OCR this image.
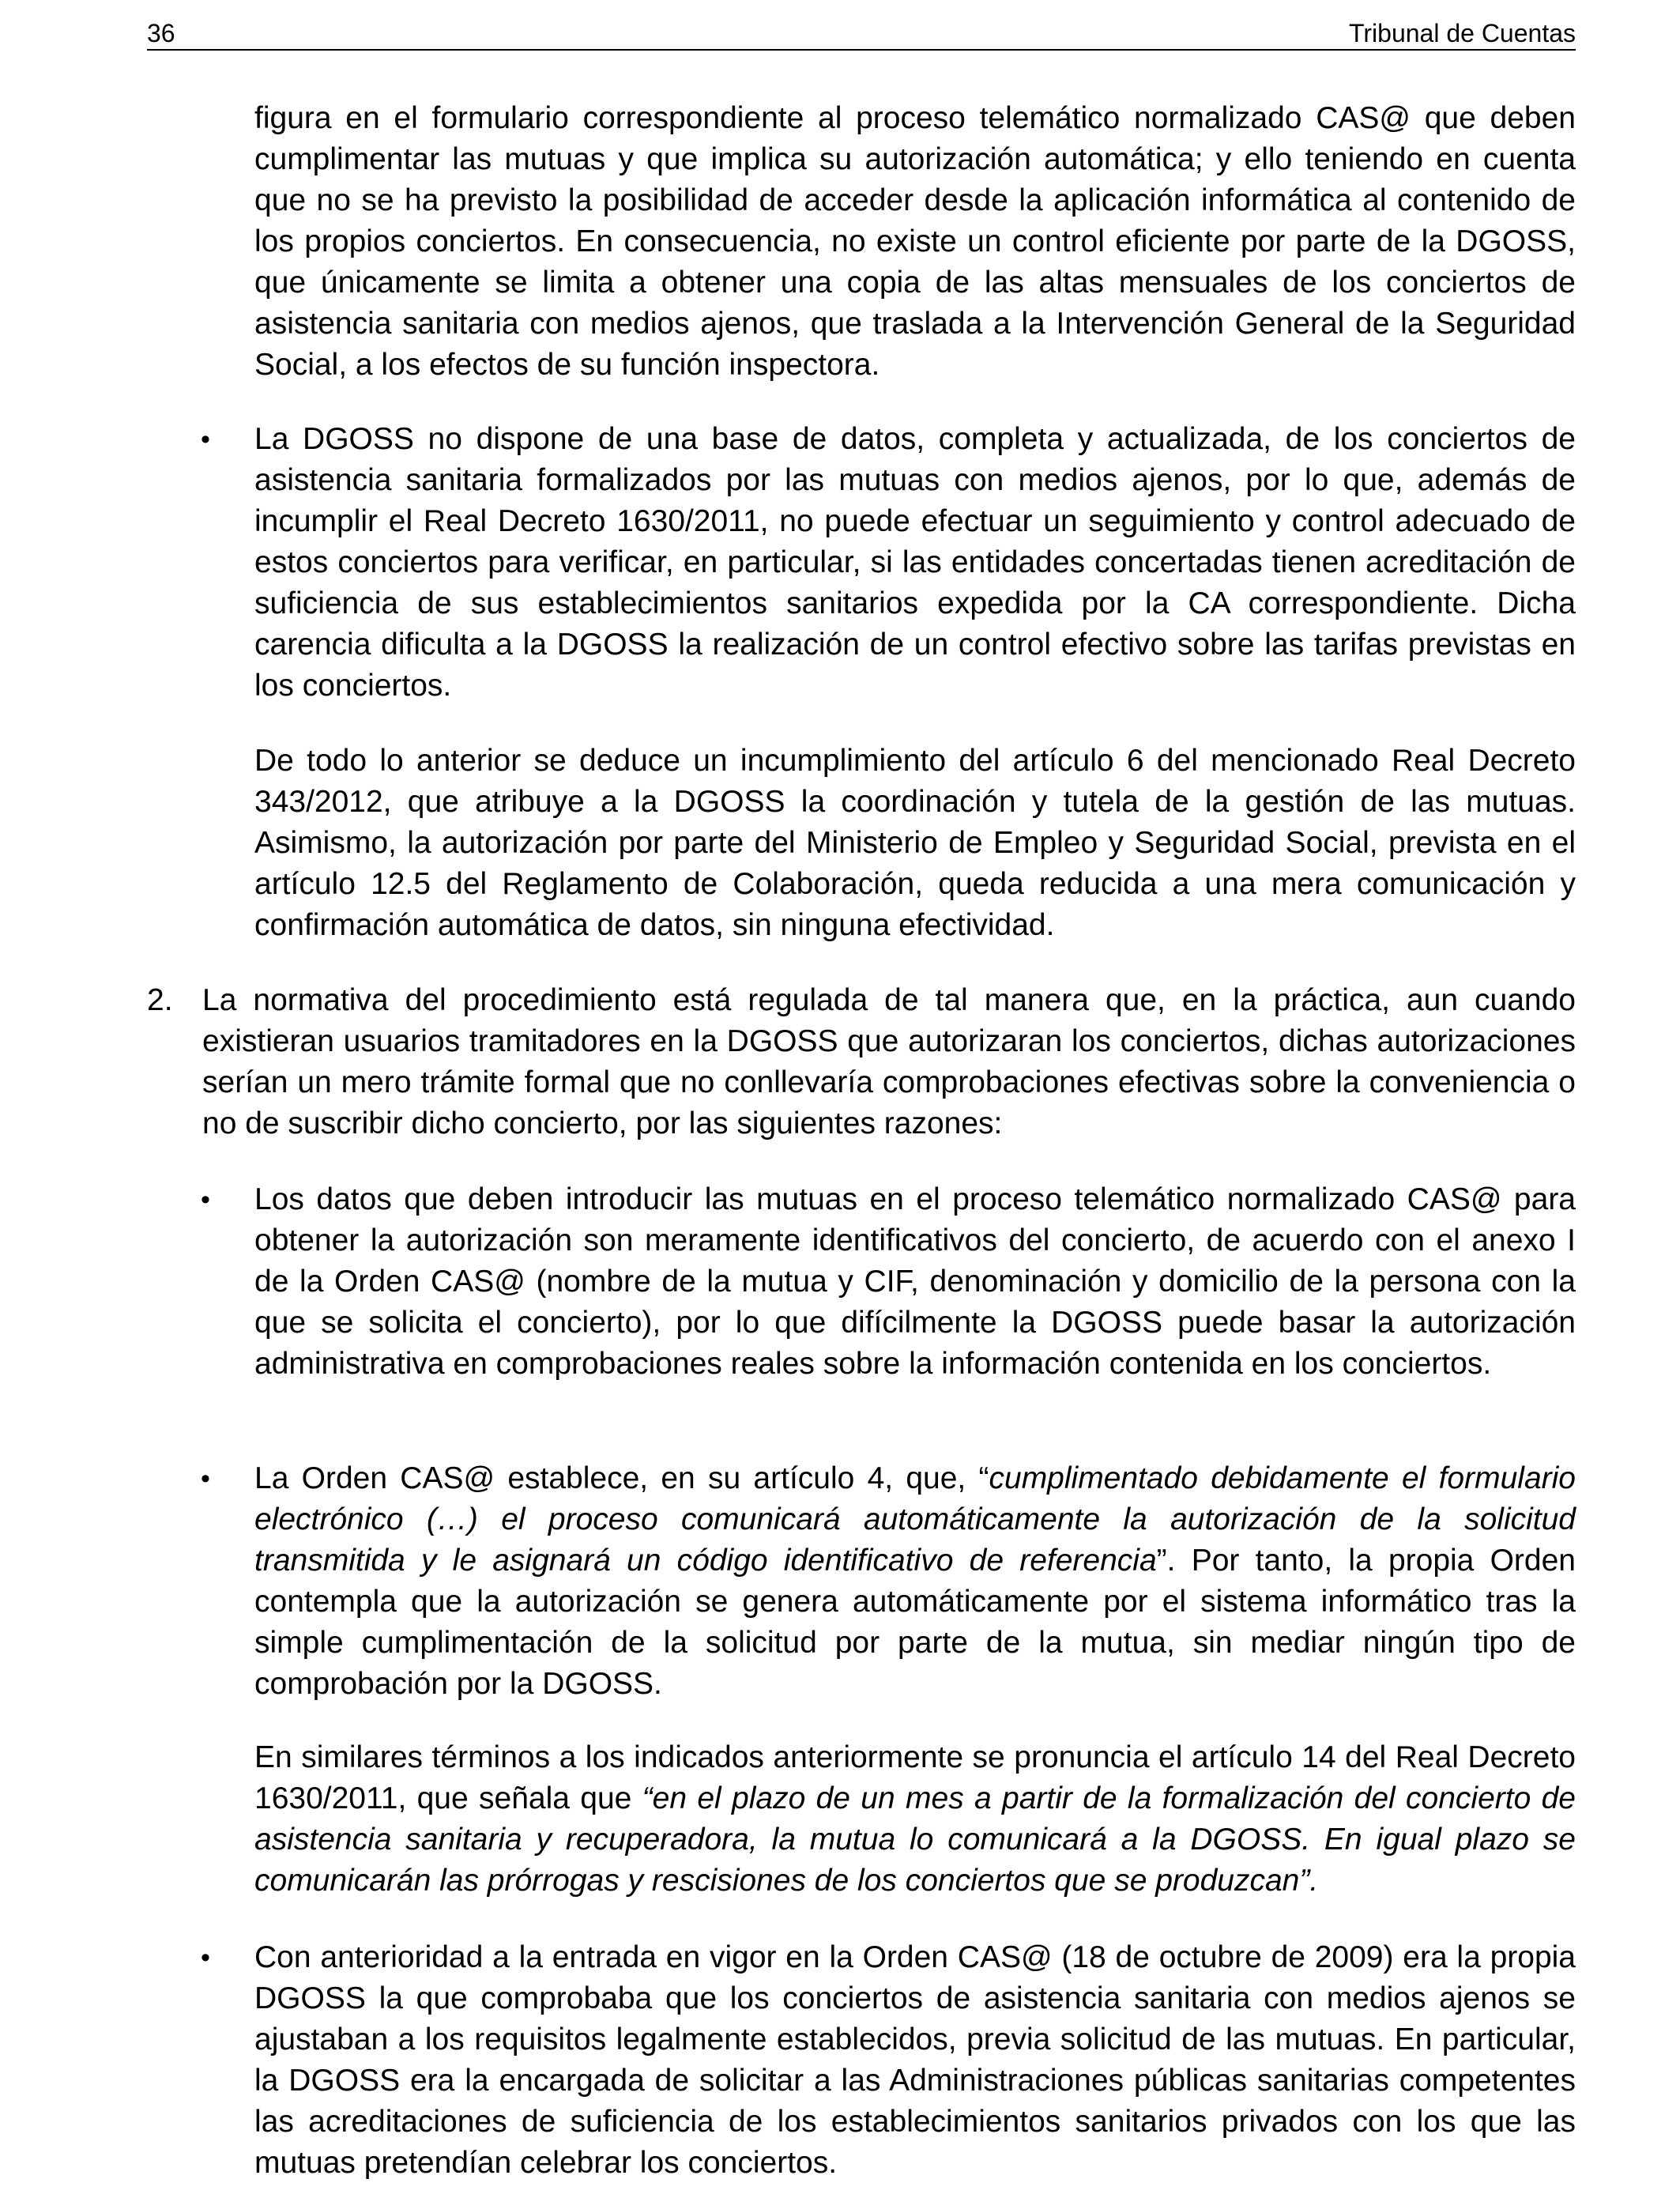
36	Tribunal de Cuentas

figura en el formulario correspondiente al proceso telemático normalizado CAS@ que deben cumplimentar las mutuas y que implica su autorización automática; y ello teniendo en cuenta que no se ha previsto la posibilidad de acceder desde la aplicación informática al contenido de los propios conciertos. En consecuencia, no existe un control eficiente por parte de la DGOSS, que únicamente se limita a obtener una copia de las altas mensuales de los conciertos de asistencia sanitaria con medios ajenos, que traslada a la Intervención General de la Seguridad Social, a los efectos de su función inspectora.

• La DGOSS no dispone de una base de datos, completa y actualizada, de los conciertos de asistencia sanitaria formalizados por las mutuas con medios ajenos, por lo que, además de incumplir el Real Decreto 1630/2011, no puede efectuar un seguimiento y control adecuado de estos conciertos para verificar, en particular, si las entidades concertadas tienen acreditación de suficiencia de sus establecimientos sanitarios expedida por la CA correspondiente. Dicha carencia dificulta a la DGOSS la realización de un control efectivo sobre las tarifas previstas en los conciertos.

De todo lo anterior se deduce un incumplimiento del artículo 6 del mencionado Real Decreto 343/2012, que atribuye a la DGOSS la coordinación y tutela de la gestión de las mutuas. Asimismo, la autorización por parte del Ministerio de Empleo y Seguridad Social, prevista en el artículo 12.5 del Reglamento de Colaboración, queda reducida a una mera comunicación y confirmación automática de datos, sin ninguna efectividad.

2. La normativa del procedimiento está regulada de tal manera que, en la práctica, aun cuando existieran usuarios tramitadores en la DGOSS que autorizaran los conciertos, dichas autorizaciones serían un mero trámite formal que no conllevaría comprobaciones efectivas sobre la conveniencia o no de suscribir dicho concierto, por las siguientes razones:

• Los datos que deben introducir las mutuas en el proceso telemático normalizado CAS@ para obtener la autorización son meramente identificativos del concierto, de acuerdo con el anexo I de la Orden CAS@ (nombre de la mutua y CIF, denominación y domicilio de la persona con la que se solicita el concierto), por lo que difícilmente la DGOSS puede basar la autorización administrativa en comprobaciones reales sobre la información contenida en los conciertos.

• La Orden CAS@ establece, en su artículo 4, que, “cumplimentado debidamente el formulario electrónico (…) el proceso comunicará automáticamente la autorización de la solicitud transmitida y le asignará un código identificativo de referencia”. Por tanto, la propia Orden contempla que la autorización se genera automáticamente por el sistema informático tras la simple cumplimentación de la solicitud por parte de la mutua, sin mediar ningún tipo de comprobación por la DGOSS.

En similares términos a los indicados anteriormente se pronuncia el artículo 14 del Real Decreto 1630/2011, que señala que “en el plazo de un mes a partir de la formalización del concierto de asistencia sanitaria y recuperadora, la mutua lo comunicará a la DGOSS. En igual plazo se comunicarán las prórrogas y rescisiones de los conciertos que se produzcan”.

• Con anterioridad a la entrada en vigor en la Orden CAS@ (18 de octubre de 2009) era la propia DGOSS la que comprobaba que los conciertos de asistencia sanitaria con medios ajenos se ajustaban a los requisitos legalmente establecidos, previa solicitud de las mutuas. En particular, la DGOSS era la encargada de solicitar a las Administraciones públicas sanitarias competentes las acreditaciones de suficiencia de los establecimientos sanitarios privados con los que las mutuas pretendían celebrar los conciertos.
